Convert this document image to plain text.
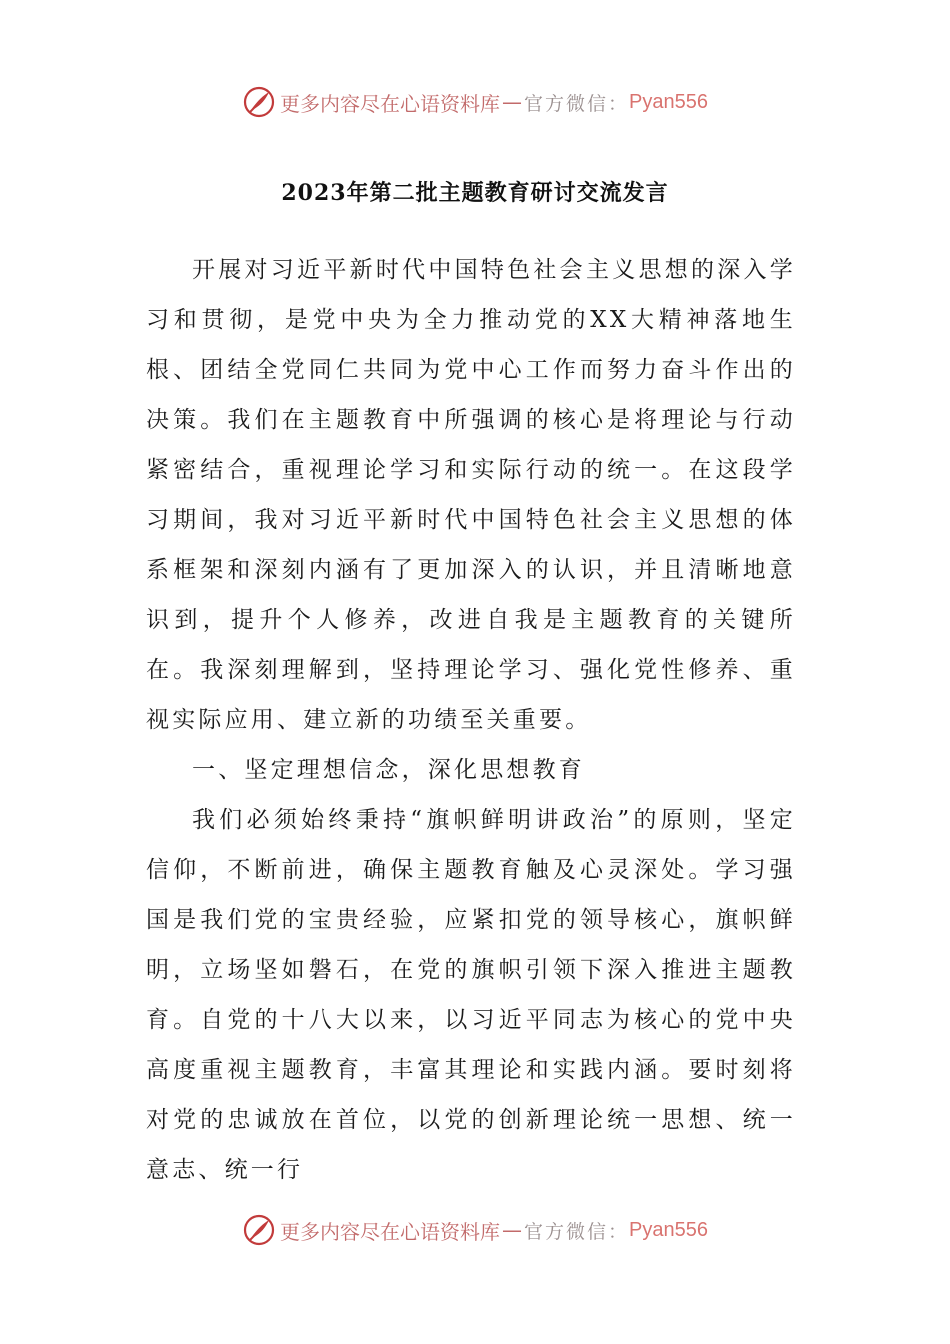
更多内容尽在心语资料库 — 官方微信： Pyan556
2023年第二批主题教育研讨交流发言

开展对习近平新时代中国特色社会主义思想的深入学习和贯彻，是党中央为全力推动党的XX大精神落地生根、团结全党同仁共同为党中心工作而努力奋斗作出的决策。我们在主题教育中所强调的核心是将理论与行动紧密结合，重视理论学习和实际行动的统一。在这段学习期间，我对习近平新时代中国特色社会主义思想的体系框架和深刻内涵有了更加深入的认识，并且清晰地意识到，提升个人修养，改进自我是主题教育的关键所在。我深刻理解到，坚持理论学习、强化党性修养、重视实际应用、建立新的功绩至关重要。

一、坚定理想信念，深化思想教育

我们必须始终秉持“旗帜鲜明讲政治”的原则，坚定信仰，不断前进，确保主题教育触及心灵深处。学习强国是我们党的宝贵经验，应紧扣党的领导核心，旗帜鲜明，立场坚如磐石，在党的旗帜引领下深入推进主题教育。自党的十八大以来，以习近平同志为核心的党中央高度重视主题教育，丰富其理论和实践内涵。要时刻将对党的忠诚放在首位，以党的创新理论统一思想、统一意志、统一行

更多内容尽在心语资料库 — 官方微信： Pyan556
